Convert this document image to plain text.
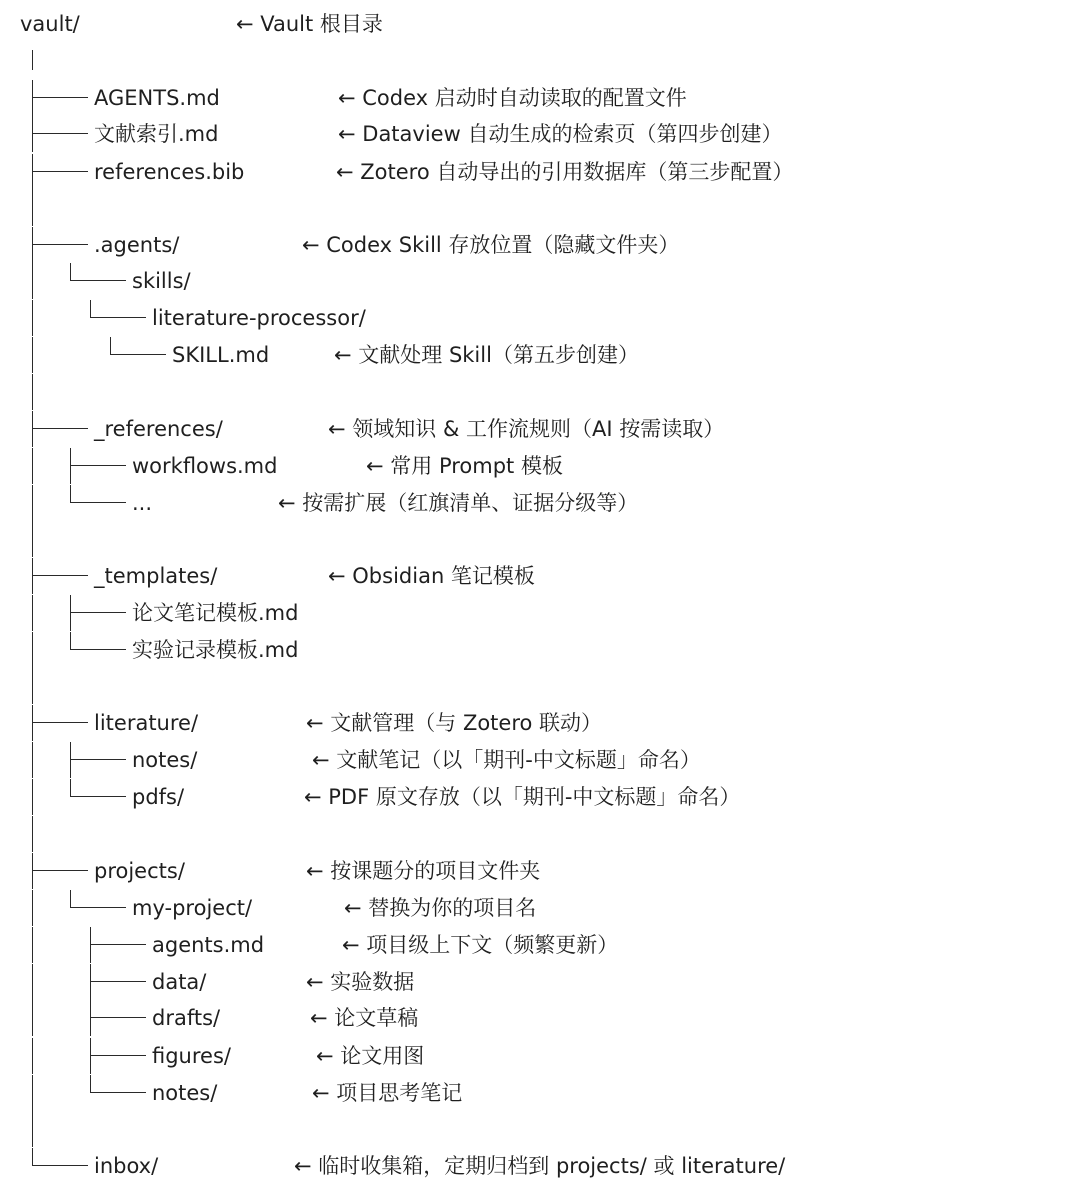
vault/	← Vault 根目录
AGENTS.md	← Codex 启动时自动读取的配置文件
文献索引.md	← Dataview 自动生成的检索页（第四步创建）
references.bib	← Zotero 自动导出的引用数据库（第三步配置）
.agents/	← Codex Skill 存放位置（隐藏文件夹）
skills/
literature-processor/
SKILL.md	← 文献处理 Skill（第五步创建）
_references/	← 领域知识 & 工作流规则（AI 按需读取）
workflows.md	← 常用 Prompt 模板
...	← 按需扩展（红旗清单、证据分级等）
_templates/	← Obsidian 笔记模板
论文笔记模板.md
实验记录模板.md
literature/	← 文献管理（与 Zotero 联动）
notes/	← 文献笔记（以「期刊-中文标题」命名）
pdfs/	← PDF 原文存放（以「期刊-中文标题」命名）
projects/	← 按课题分的项目文件夹
my-project/	← 替换为你的项目名
agents.md	← 项目级上下文（频繁更新）
data/	← 实验数据
drafts/	← 论文草稿
figures/	← 论文用图
notes/	← 项目思考笔记
inbox/	← 临时收集箱，定期归档到 projects/ 或 literature/
